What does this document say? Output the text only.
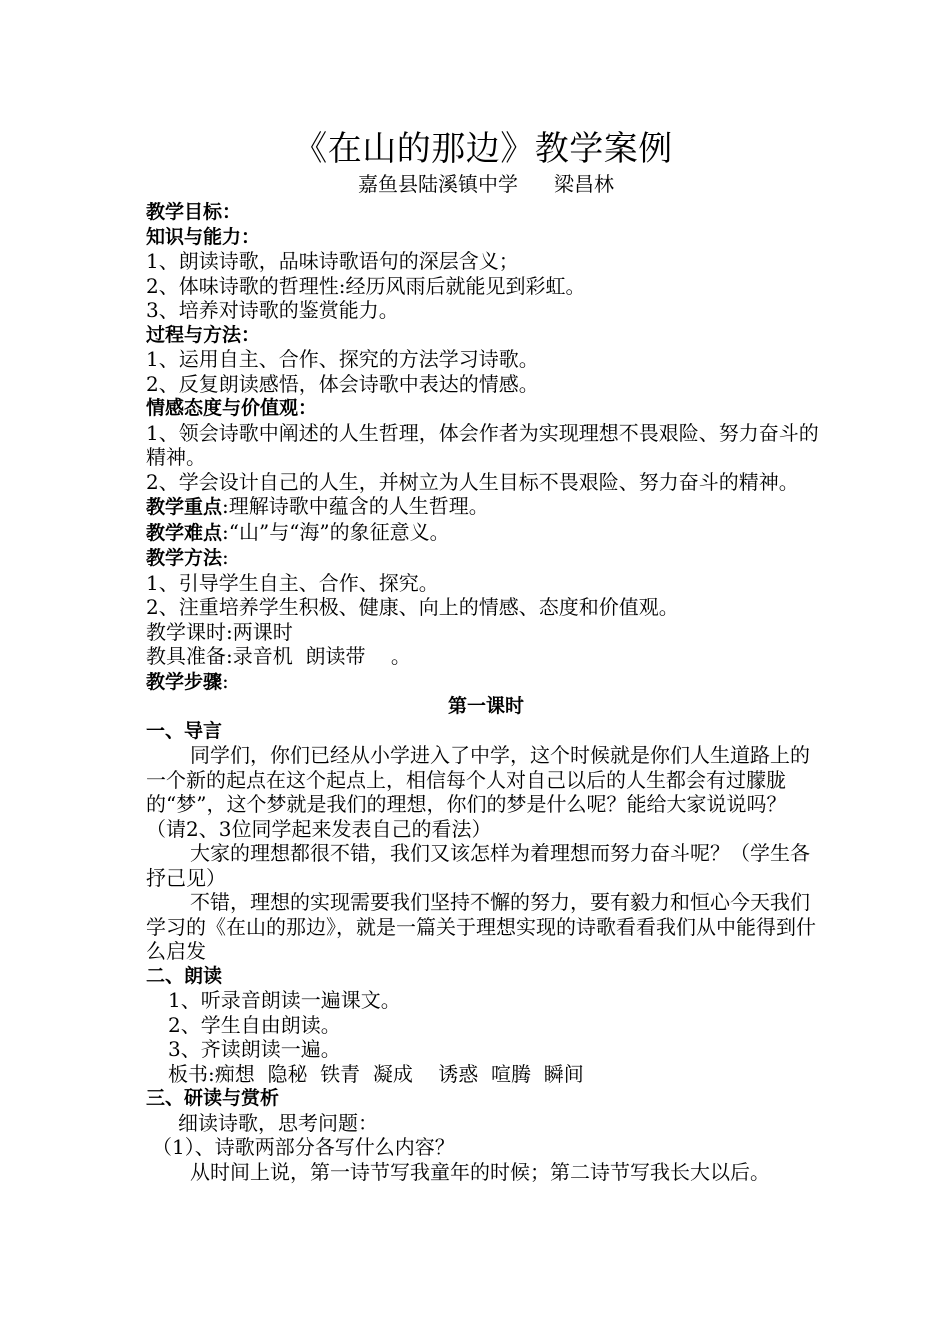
《在山的那边》教学案例
嘉鱼县陆溪镇中学 梁昌林
教学目标：
知识与能力：
1、朗读诗歌，品味诗歌语句的深层含义；
2、体味诗歌的哲理性:经历风雨后就能见到彩虹。
3、培养对诗歌的鉴赏能力。
过程与方法：
1、运用自主、合作、探究的方法学习诗歌。
2、反复朗读感悟，体会诗歌中表达的情感。
情感态度与价值观：
1、领会诗歌中阐述的人生哲理，体会作者为实现理想不畏艰险、努力奋斗的精神。
2、学会设计自己的人生，并树立为人生目标不畏艰险、努力奋斗的精神。
教学重点:理解诗歌中蕴含的人生哲理。
教学难点:“山”与“海”的象征意义。
教学方法:
1、引导学生自主、合作、探究。
2、注重培养学生积极、健康、向上的情感、态度和价值观。
教学课时:两课时
教具准备:录音机  朗读带    。
教学步骤:
第一课时
一、导言
同学们，你们已经从小学进入了中学，这个时候就是你们人生道路上的一个新的起点在这个起点上，相信每个人对自己以后的人生都会有过朦胧的“梦”，这个梦就是我们的理想，你们的梦是什么呢？能给大家说说吗？（请2、3位同学起来发表自己的看法）
大家的理想都很不错，我们又该怎样为着理想而努力奋斗呢？（学生各抒己见）
不错，理想的实现需要我们坚持不懈的努力，要有毅力和恒心今天我们学习的《在山的那边》，就是一篇关于理想实现的诗歌看看我们从中能得到什么启发
二、朗读
1、听录音朗读一遍课文。
2、学生自由朗读。
3、齐读朗读一遍。
板书:痴想  隐秘  铁青  凝成    诱惑  喧腾  瞬间
三、研读与赏析
细读诗歌，思考问题：
（1）、诗歌两部分各写什么内容？
从时间上说，第一诗节写我童年的时候；第二诗节写我长大以后。
